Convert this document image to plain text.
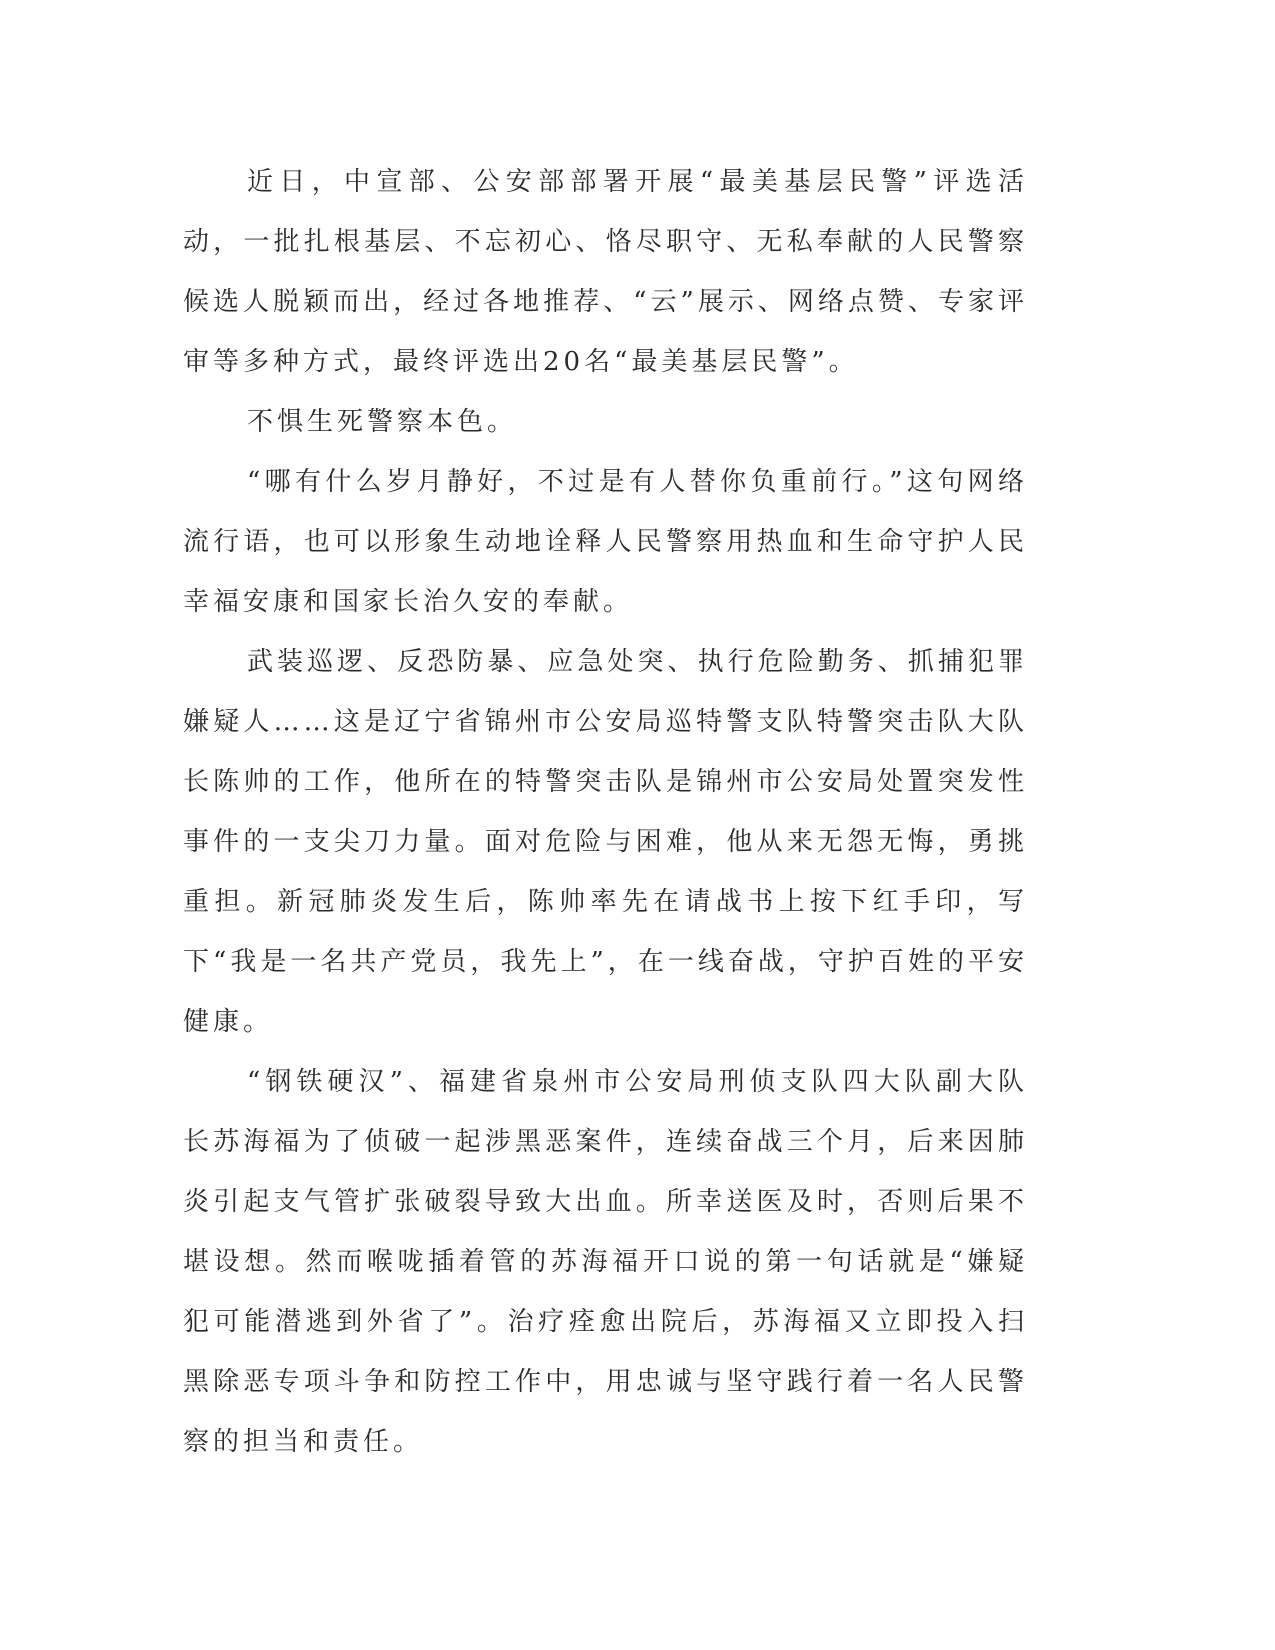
近日，中宣部、公安部部署开展“最美基层民警”评选活动，一批扎根基层、不忘初心、恪尽职守、无私奉献的人民警察候选人脱颖而出，经过各地推荐、“云”展示、网络点赞、专家评审等多种方式，最终评选出20名“最美基层民警”。

不惧生死警察本色。

“哪有什么岁月静好，不过是有人替你负重前行。”这句网络流行语，也可以形象生动地诠释人民警察用热血和生命守护人民幸福安康和国家长治久安的奉献。

武装巡逻、反恐防暴、应急处突、执行危险勤务、抓捕犯罪嫌疑人……这是辽宁省锦州市公安局巡特警支队特警突击队大队长陈帅的工作，他所在的特警突击队是锦州市公安局处置突发性事件的一支尖刀力量。面对危险与困难，他从来无怨无悔，勇挑重担。新冠肺炎发生后，陈帅率先在请战书上按下红手印，写下“我是一名共产党员，我先上”，在一线奋战，守护百姓的平安健康。

“钢铁硬汉”、福建省泉州市公安局刑侦支队四大队副大队长苏海福为了侦破一起涉黑恶案件，连续奋战三个月，后来因肺炎引起支气管扩张破裂导致大出血。所幸送医及时，否则后果不堪设想。然而喉咙插着管的苏海福开口说的第一句话就是“嫌疑犯可能潜逃到外省了”。治疗痊愈出院后，苏海福又立即投入扫黑除恶专项斗争和防控工作中，用忠诚与坚守践行着一名人民警察的担当和责任。
